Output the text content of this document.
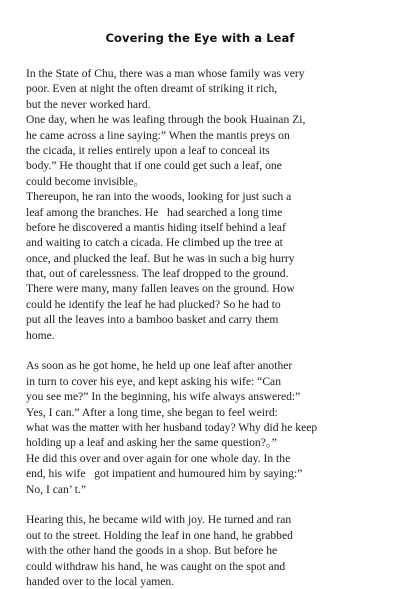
Covering the Eye with a Leaf
In the State of Chu, there was a man whose family was very
poor. Even at night the often dreamt of striking it rich,
but the never worked hard.
One day, when he was leafing through the book Huainan Zi,
he came across a line saying:” When the mantis preys on
the cicada, it relies entirely upon a leaf to conceal its
body.” He thought that if one could get such a leaf, one
could become invisible。
Thereupon, he ran into the woods, looking for just such a
leaf among the branches. He   had searched a long time
before he discovered a mantis hiding itself behind a leaf
and waiting to catch a cicada. He climbed up the tree at
once, and plucked the leaf. But he was in such a big hurry
that, out of carelessness. The leaf dropped to the ground.
There were many, many fallen leaves on the ground. How
could he identify the leaf he had plucked? So he had to
put all the leaves into a bamboo basket and carry them
home.
As soon as he got home, he held up one leaf after another
in turn to cover his eye, and kept asking his wife: “Can
you see me?” In the beginning, his wife always answered:”
Yes, I can.” After a long time, she began to feel weird:
what was the matter with her husband today? Why did he keep
holding up a leaf and asking her the same question?。”
He did this over and over again for one whole day. In the
end, his wife   got impatient and humoured him by saying:”
No, I can’ t.”
Hearing this, he became wild with joy. He turned and ran
out to the street. Holding the leaf in one hand, he grabbed
with the other hand the goods in a shop. But before he
could withdraw his hand, he was caught on the spot and
handed over to the local yamen.
